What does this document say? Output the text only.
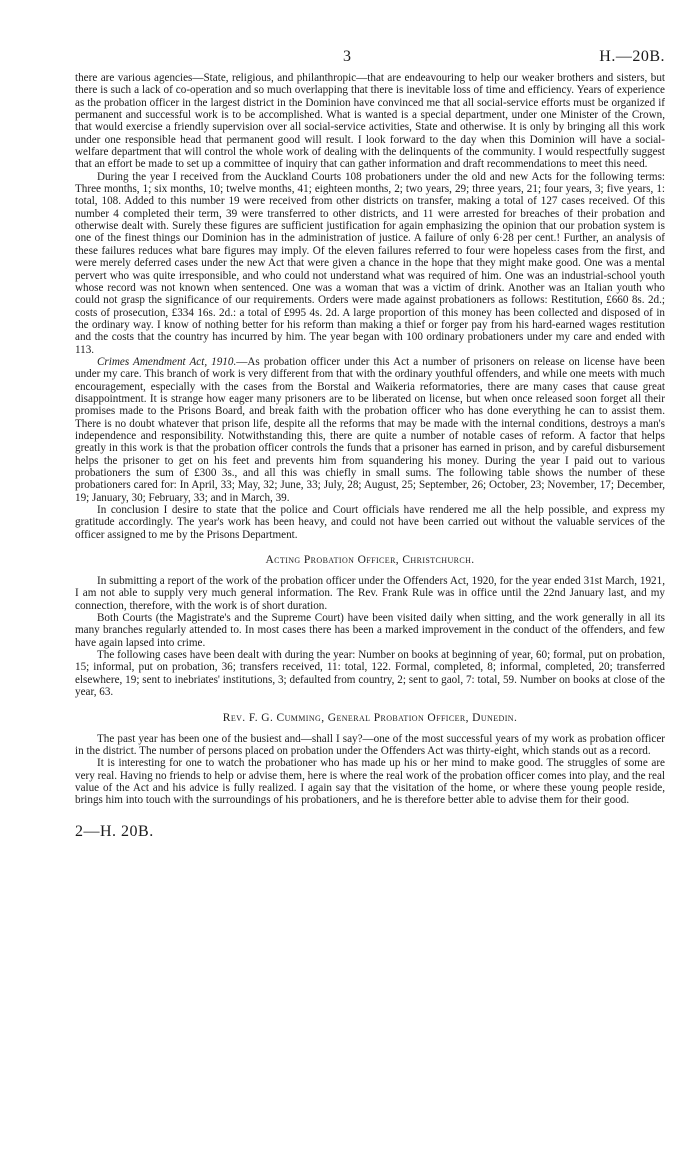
3	H.—20B.

there are various agencies—State, religious, and philanthropic—that are endeavouring to help our weaker brothers and sisters, but there is such a lack of co-operation and so much overlapping that there is inevitable loss of time and efficiency. Years of experience as the probation officer in the largest district in the Dominion have convinced me that all social-service efforts must be organized if permanent and successful work is to be accomplished. What is wanted is a special department, under one Minister of the Crown, that would exercise a friendly supervision over all social-service activities, State and otherwise. It is only by bringing all this work under one responsible head that permanent good will result. I look forward to the day when this Dominion will have a social-welfare department that will control the whole work of dealing with the delinquents of the community. I would respectfully suggest that an effort be made to set up a committee of inquiry that can gather information and draft recommendations to meet this need.

During the year I received from the Auckland Courts 108 probationers under the old and new Acts for the following terms: Three months, 1; six months, 10; twelve months, 41; eighteen months, 2; two years, 29; three years, 21; four years, 3; five years, 1: total, 108. Added to this number 19 were received from other districts on transfer, making a total of 127 cases received. Of this number 4 completed their term, 39 were transferred to other districts, and 11 were arrested for breaches of their probation and otherwise dealt with. Surely these figures are sufficient justification for again emphasizing the opinion that our probation system is one of the finest things our Dominion has in the administration of justice. A failure of only 6·28 per cent.! Further, an analysis of these failures reduces what bare figures may imply. Of the eleven failures referred to four were hopeless cases from the first, and were merely deferred cases under the new Act that were given a chance in the hope that they might make good. One was a mental pervert who was quite irresponsible, and who could not understand what was required of him. One was an industrial-school youth whose record was not known when sentenced. One was a woman that was a victim of drink. Another was an Italian youth who could not grasp the significance of our requirements. Orders were made against probationers as follows: Restitution, £660 8s. 2d.; costs of prosecution, £334 16s. 2d.: a total of £995 4s. 2d. A large proportion of this money has been collected and disposed of in the ordinary way. I know of nothing better for his reform than making a thief or forger pay from his hard-earned wages restitution and the costs that the country has incurred by him. The year began with 100 ordinary probationers under my care and ended with 113.

Crimes Amendment Act, 1910.—As probation officer under this Act a number of prisoners on release on license have been under my care. This branch of work is very different from that with the ordinary youthful offenders, and while one meets with much encouragement, especially with the cases from the Borstal and Waikeria reformatories, there are many cases that cause great disappointment. It is strange how eager many prisoners are to be liberated on license, but when once released soon forget all their promises made to the Prisons Board, and break faith with the probation officer who has done everything he can to assist them. There is no doubt whatever that prison life, despite all the reforms that may be made with the internal conditions, destroys a man's independence and responsibility. Notwithstanding this, there are quite a number of notable cases of reform. A factor that helps greatly in this work is that the probation officer controls the funds that a prisoner has earned in prison, and by careful disbursement helps the prisoner to get on his feet and prevents him from squandering his money. During the year I paid out to various probationers the sum of £300 3s., and all this was chiefly in small sums. The following table shows the number of these probationers cared for: In April, 33; May, 32; June, 33; July, 28; August, 25; September, 26; October, 23; November, 17; December, 19; January, 30; February, 33; and in March, 39.

In conclusion I desire to state that the police and Court officials have rendered me all the help possible, and express my gratitude accordingly. The year's work has been heavy, and could not have been carried out without the valuable services of the officer assigned to me by the Prisons Department.

Acting Probation Officer, Christchurch.

In submitting a report of the work of the probation officer under the Offenders Act, 1920, for the year ended 31st March, 1921, I am not able to supply very much general information. The Rev. Frank Rule was in office until the 22nd January last, and my connection, therefore, with the work is of short duration.

Both Courts (the Magistrate's and the Supreme Court) have been visited daily when sitting, and the work generally in all its many branches regularly attended to. In most cases there has been a marked improvement in the conduct of the offenders, and few have again lapsed into crime.

The following cases have been dealt with during the year: Number on books at beginning of year, 60; formal, put on probation, 15; informal, put on probation, 36; transfers received, 11: total, 122. Formal, completed, 8; informal, completed, 20; transferred elsewhere, 19; sent to inebriates' institutions, 3; defaulted from country, 2; sent to gaol, 7: total, 59. Number on books at close of the year, 63.

Rev. F. G. Cumming, General Probation Officer, Dunedin.

The past year has been one of the busiest and—shall I say?—one of the most successful years of my work as probation officer in the district. The number of persons placed on probation under the Offenders Act was thirty-eight, which stands out as a record.

It is interesting for one to watch the probationer who has made up his or her mind to make good. The struggles of some are very real. Having no friends to help or advise them, here is where the real work of the probation officer comes into play, and the real value of the Act and his advice is fully realized. I again say that the visitation of the home, or where these young people reside, brings him into touch with the surroundings of his probationers, and he is therefore better able to advise them for their good.

2—H. 20B.
